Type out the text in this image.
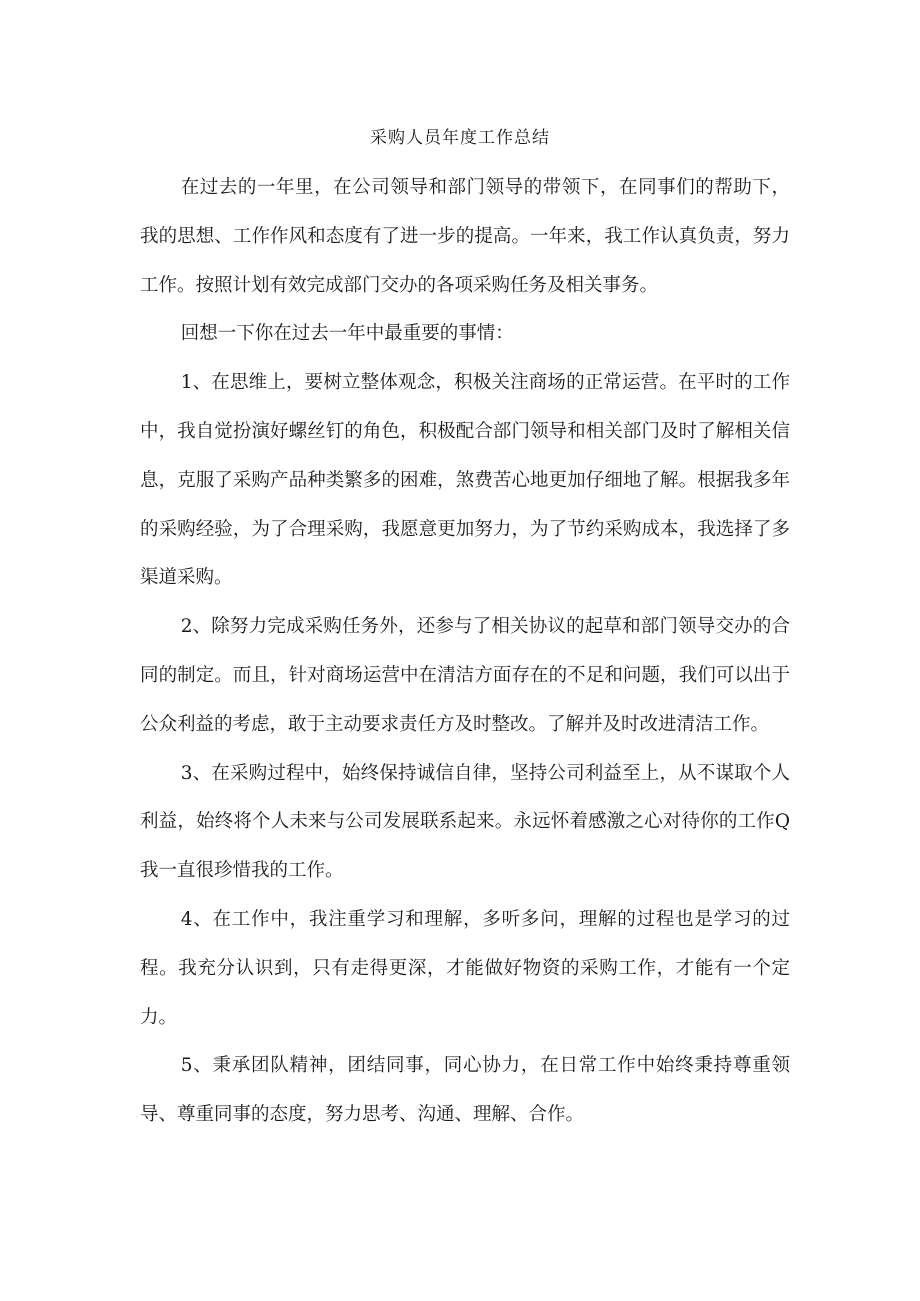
采购人员年度工作总结

在过去的一年里，在公司领导和部门领导的带领下，在同事们的帮助下，我的思想、工作作风和态度有了进一步的提高。一年来，我工作认真负责，努力工作。按照计划有效完成部门交办的各项采购任务及相关事务。

回想一下你在过去一年中最重要的事情：

1、在思维上，要树立整体观念，积极关注商场的正常运营。在平时的工作中，我自觉扮演好螺丝钉的角色，积极配合部门领导和相关部门及时了解相关信息，克服了采购产品种类繁多的困难，煞费苦心地更加仔细地了解。根据我多年的采购经验，为了合理采购，我愿意更加努力，为了节约采购成本，我选择了多渠道采购。

2、除努力完成采购任务外，还参与了相关协议的起草和部门领导交办的合同的制定。而且，针对商场运营中在清洁方面存在的不足和问题，我们可以出于公众利益的考虑，敢于主动要求责任方及时整改。了解并及时改进清洁工作。

3、在采购过程中，始终保持诚信自律，坚持公司利益至上，从不谋取个人利益，始终将个人未来与公司发展联系起来。永远怀着感激之心对待你的工作Q我一直很珍惜我的工作。

4、在工作中，我注重学习和理解，多听多问，理解的过程也是学习的过程。我充分认识到，只有走得更深，才能做好物资的采购工作，才能有一个定力。

5、秉承团队精神，团结同事，同心协力，在日常工作中始终秉持尊重领导、尊重同事的态度，努力思考、沟通、理解、合作。
